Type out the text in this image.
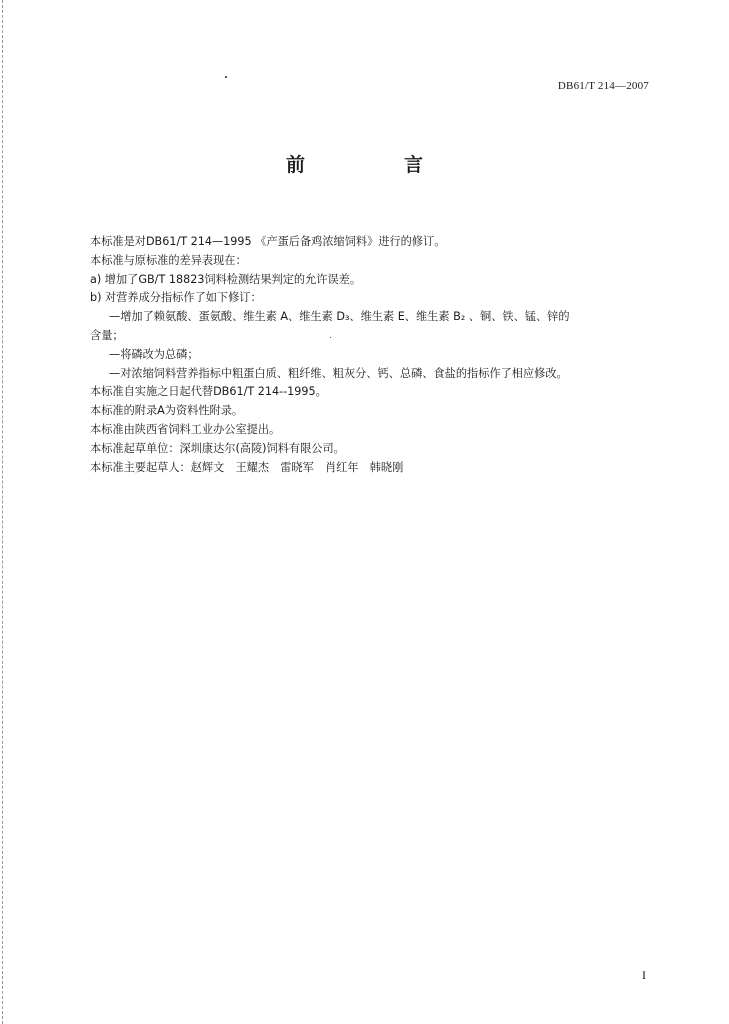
DB61/T 214—2007
前　言
本标准是对DB61/T 214—1995 《产蛋后备鸡浓缩饲料》进行的修订。
本标准与原标准的差异表现在：
a) 增加了GB/T 18823饲料检测结果判定的允许误差。
b) 对营养成分指标作了如下修订：
—增加了赖氨酸、蛋氨酸、维生素 A、维生素 D₃、维生素 E、维生素 B₂ 、铜、铁、锰、锌的
含量；
—将磷改为总磷；
—对浓缩饲料营养指标中粗蛋白质、粗纤维、粗灰分、钙、总磷、食盐的指标作了相应修改。
本标准自实施之日起代替DB61/T 214--1995。
本标准的附录A为资料性附录。
本标准由陕西省饲料工业办公室提出。
本标准起草单位：深圳康达尔(高陵)饲料有限公司。
本标准主要起草人：赵辉文　王耀杰　雷晓军　肖红年　韩晓刚
I
